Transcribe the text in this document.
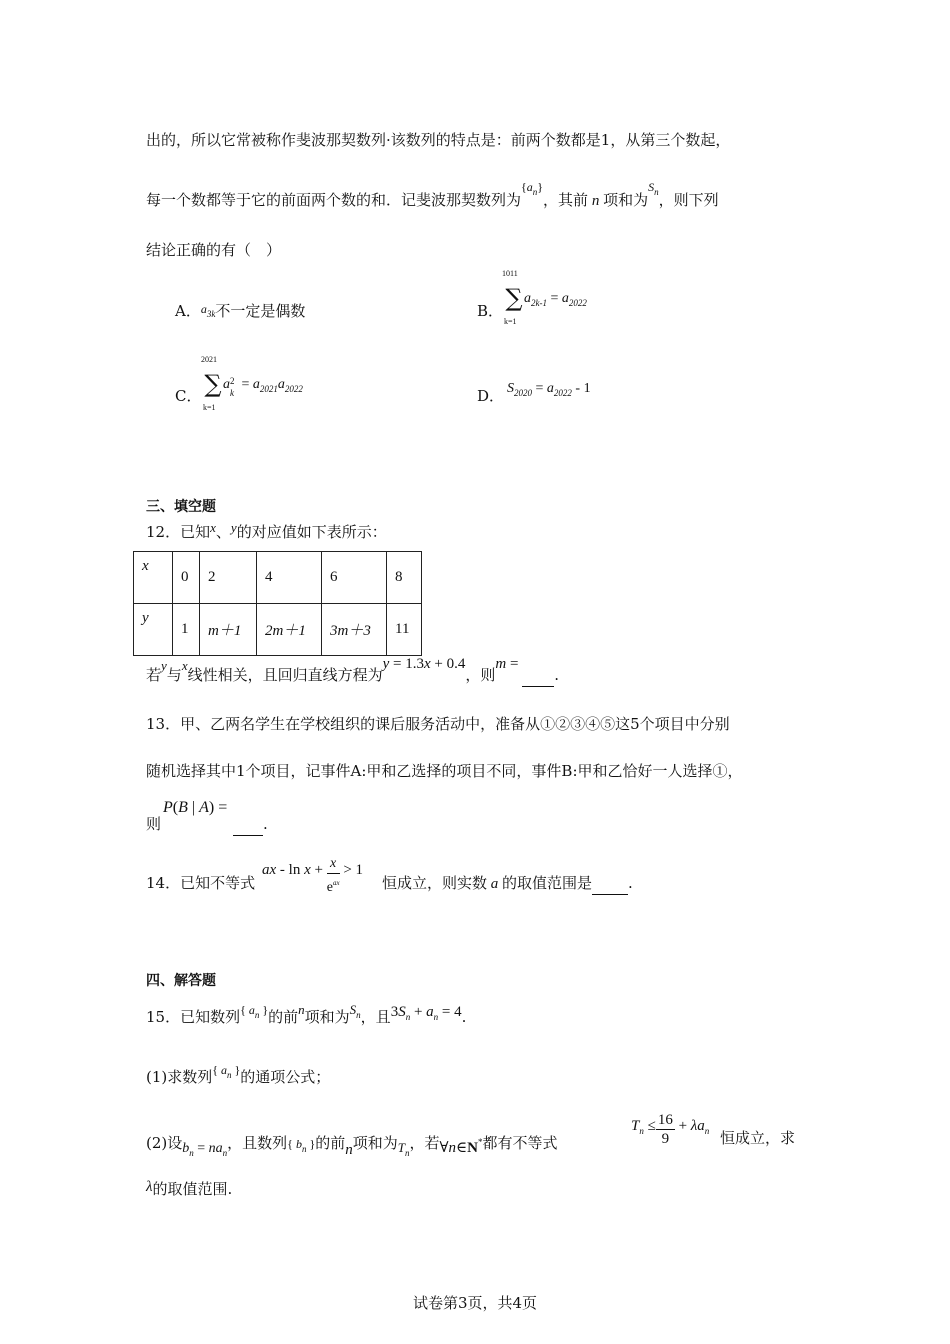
出的，所以它常被称作斐波那契数列·该数列的特点是：前两个数都是1，从第三个数起，
每一个数都等于它的前面两个数的和．记斐波那契数列为$^{\{a_n\}}$，其前 n 项和为$^{S_n}$，则下列
结论正确的有（　）
A．$^{a_{3k}}$不一定是偶数	B．
1011
∑
k=1
$a_{2k-1} = a_{2022}$
C．
2021
∑
k=1
a 2
k
= $a_{2021}a_{2022}$	D． $S_{2020} = a_{2022} - 1$
三、填空题
12．已知x、y的对应值如下表所示：
x	0	2	4	6	8
y	1	m＋1	2m＋1	3m＋3	11
若y与x线性相关，且回归直线方程为y = 1.3x + 0.4，则m =  .
13．甲、乙两名学生在学校组织的课后服务活动中，准备从①②③④⑤这5个项目中分别
随机选择其中1个项目，记事件A:甲和乙选择的项目不同，事件B:甲和乙恰好一人选择①，
P(B | A) =
则	.
14．已知不等式
ax - $\ln x + \frac{x}{e^{ax}} > 1$
恒成立，则实数 a 的取值范围是 .
四、解答题
15．已知数列$^{\{ a_n \}}$的前n项和为$S_n$，且$3S_n + a_n = 4$.
(1)求数列$^{\{ a_n \}}$的通项公式；
(2)设$b_n = na_n$，且数列{ $b_n$ }的前n项和为$T_n$，若∀n∈N*都有不等式
$T_n \le \frac{16}{9} + \lambda a_n$ 恒成立，求
λ的取值范围.
试卷第3页，共4页
